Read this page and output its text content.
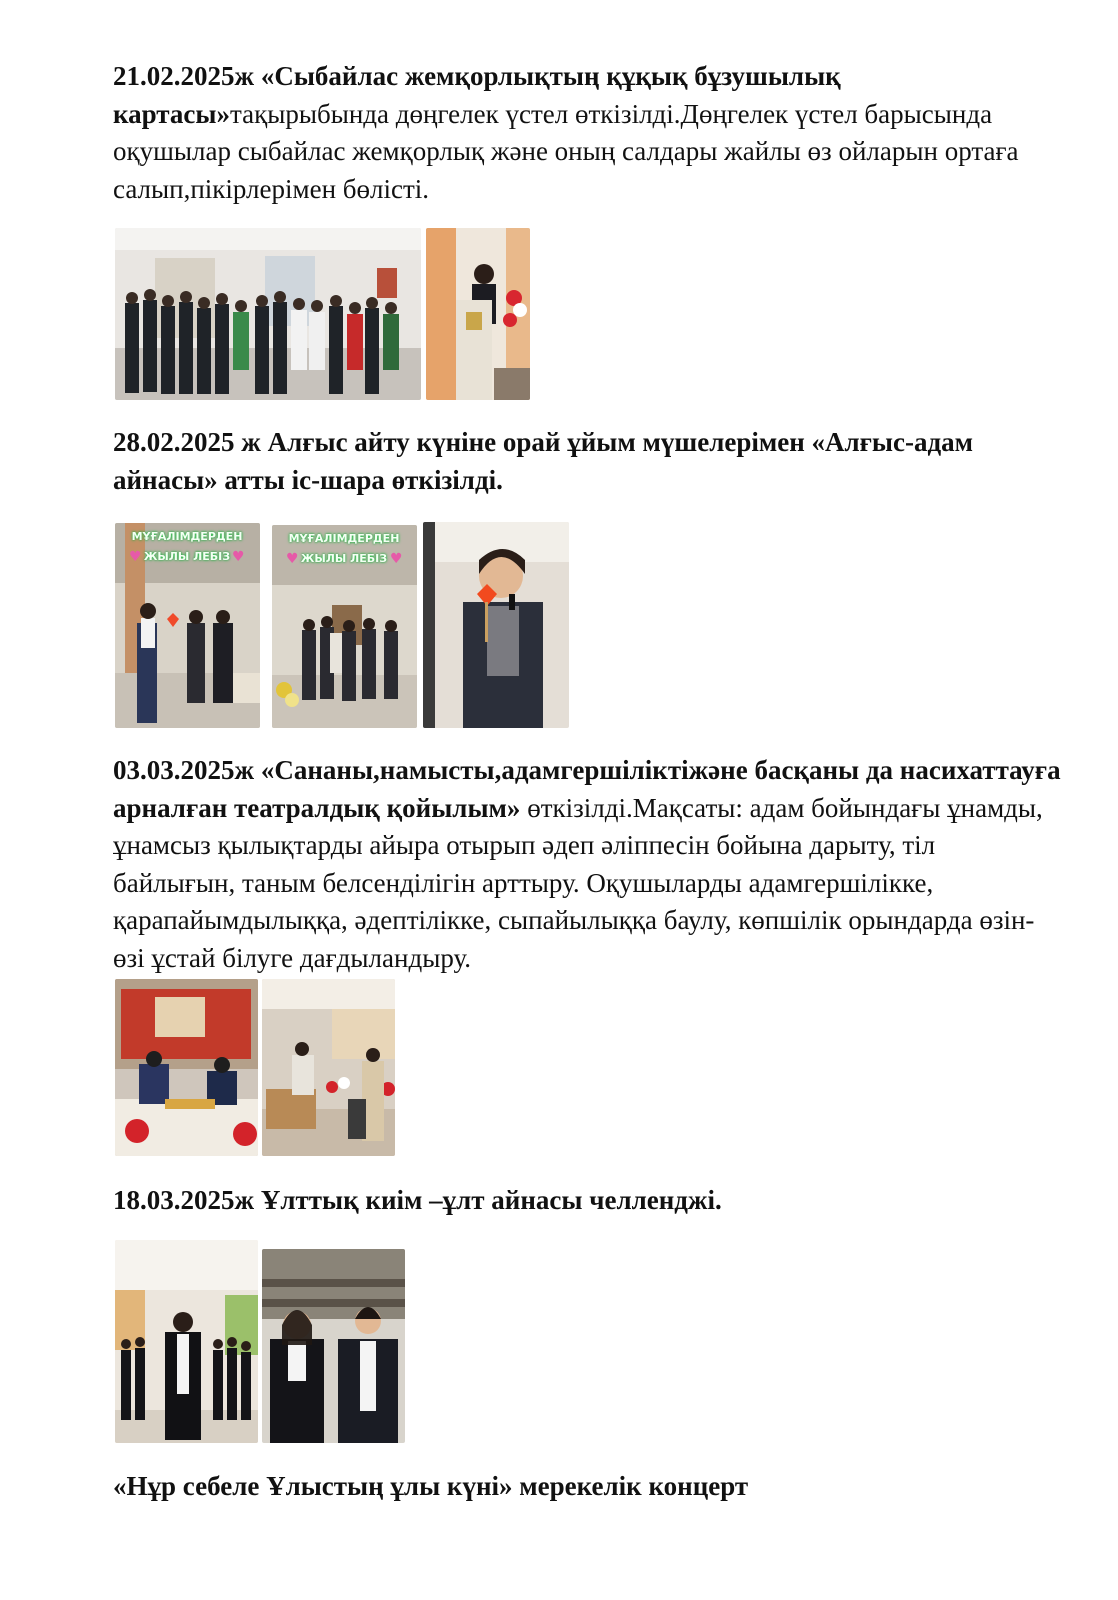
21.02.2025ж «Сыбайлас жемқорлықтың құқық бұзушылық картасы»тақырыбында дөңгелек үстел өткізілді.Дөңгелек үстел барысында оқушылар сыбайлас жемқорлық және оның салдары жайлы өз ойларын ортаға салып,пікірлерімен бөлісті.

28.02.2025 ж Алғыс айту күніне орай ұйым мүшелерімен «Алғыс-адам айнасы» атты іс-шара өткізілді.

МҰҒАЛІМДЕРДЕН
ЖЫЛЫ ЛЕБІЗ
♥	♥
МҰҒАЛІМДЕРДЕН
ЖЫЛЫ ЛЕБІЗ
♥	♥

03.03.2025ж «Сананы,намысты,адамгершіліктіжәне басқаны да насихаттауға арналған театралдық қойылым» өткізілді.Мақсаты: адам бойындағы ұнамды, ұнамсыз қылықтарды айыра отырып әдеп әліппесін бойына дарыту, тіл байлығын, таным белсенділігін арттыру. Оқушыларды адамгершілікке, қарапайымдылыққа, әдептілікке, сыпайылыққа баулу, көпшілік орындарда өзін-өзі ұстай білуге дағдыландыру.

18.03.2025ж Ұлттық киім –ұлт айнасы челленджі.

«Нұр себеле Ұлыстың ұлы күні» мерекелік концерт
